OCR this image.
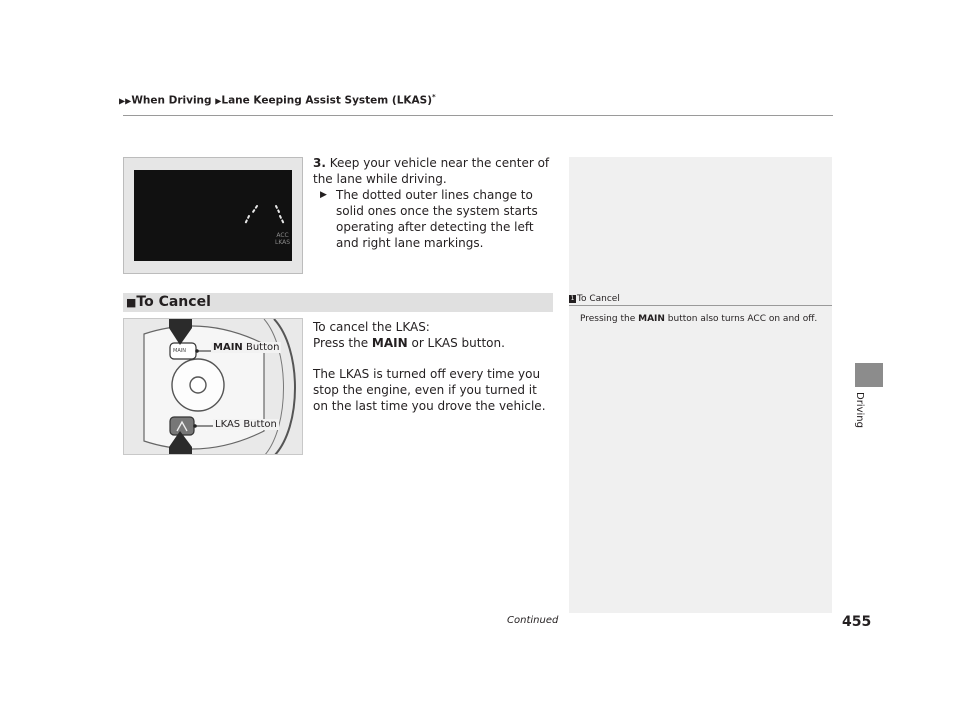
▶▶When Driving ▶Lane Keeping Assist System (LKAS)*
Driving
ACC
LKAS
3. Keep your vehicle near the center of the lane while driving.
▶ The dotted outer lines change to solid ones once the system starts operating after detecting the left and right lane markings.
■To Cancel	1 To Cancel
Pressing the MAIN button also turns ACC on and off.
MAIN	MAIN Button
LKAS Button
To cancel the LKAS:

Press the MAIN or LKAS button.

The LKAS is turned off every time you stop the engine, even if you turned it on the last time you drove the vehicle.

Continued	455
